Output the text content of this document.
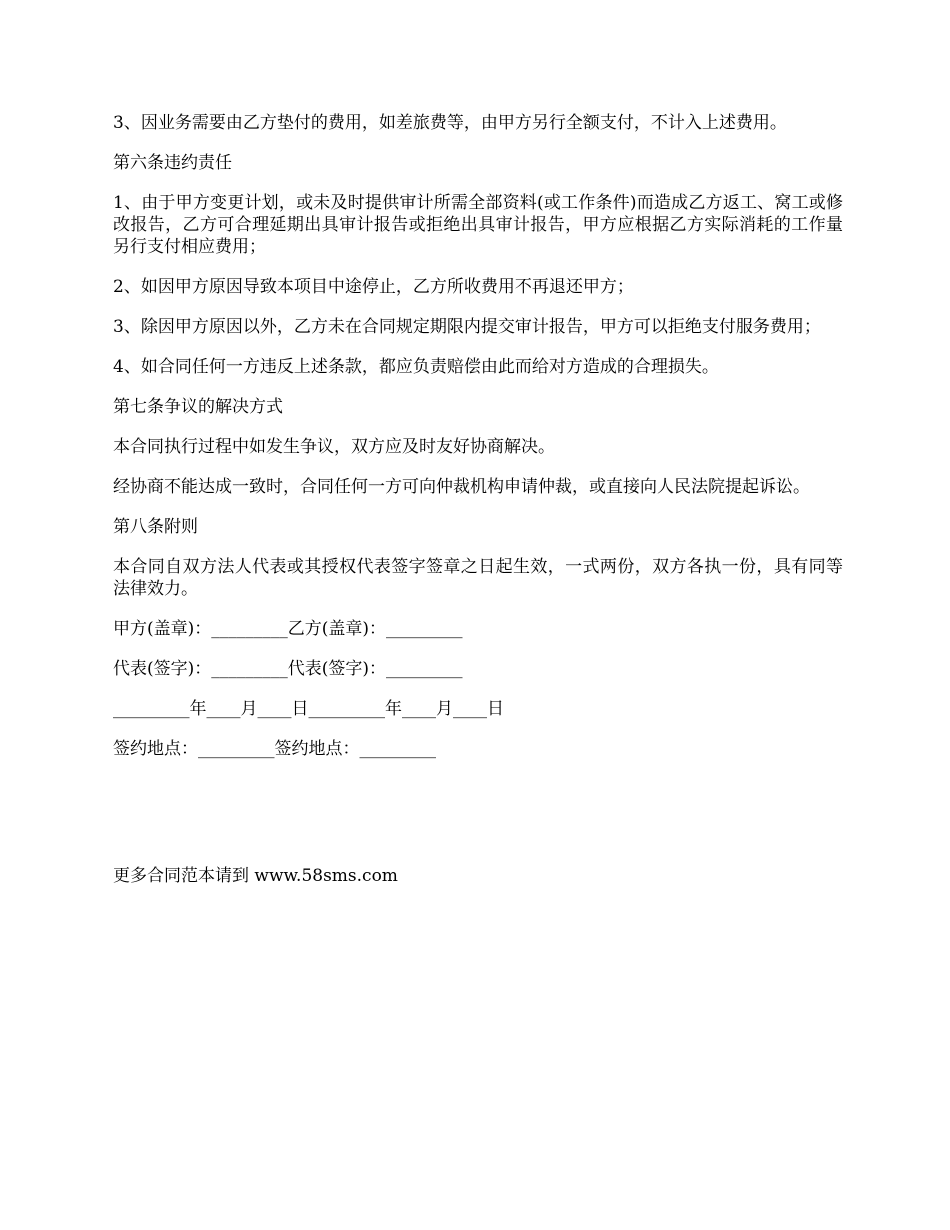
3、因业务需要由乙方垫付的费用，如差旅费等，由甲方另行全额支付，不计入上述费用。

第六条违约责任

1、由于甲方变更计划，或未及时提供审计所需全部资料(或工作条件)而造成乙方返工、窝工或修改报告，乙方可合理延期出具审计报告或拒绝出具审计报告，甲方应根据乙方实际消耗的工作量另行支付相应费用；

2、如因甲方原因导致本项目中途停止，乙方所收费用不再退还甲方；

3、除因甲方原因以外，乙方未在合同规定期限内提交审计报告，甲方可以拒绝支付服务费用；

4、如合同任何一方违反上述条款，都应负责赔偿由此而给对方造成的合理损失。

第七条争议的解决方式

本合同执行过程中如发生争议，双方应及时友好协商解决。

经协商不能达成一致时，合同任何一方可向仲裁机构申请仲裁，或直接向人民法院提起诉讼。

第八条附则

本合同自双方法人代表或其授权代表签字签章之日起生效，一式两份，双方各执一份，具有同等法律效力。

甲方(盖章)：_________乙方(盖章)：_________

代表(签字)：_________代表(签字)：_________

_________年____月____日_________年____月____日

签约地点：_________签约地点：_________

更多合同范本请到 www.58sms.com
